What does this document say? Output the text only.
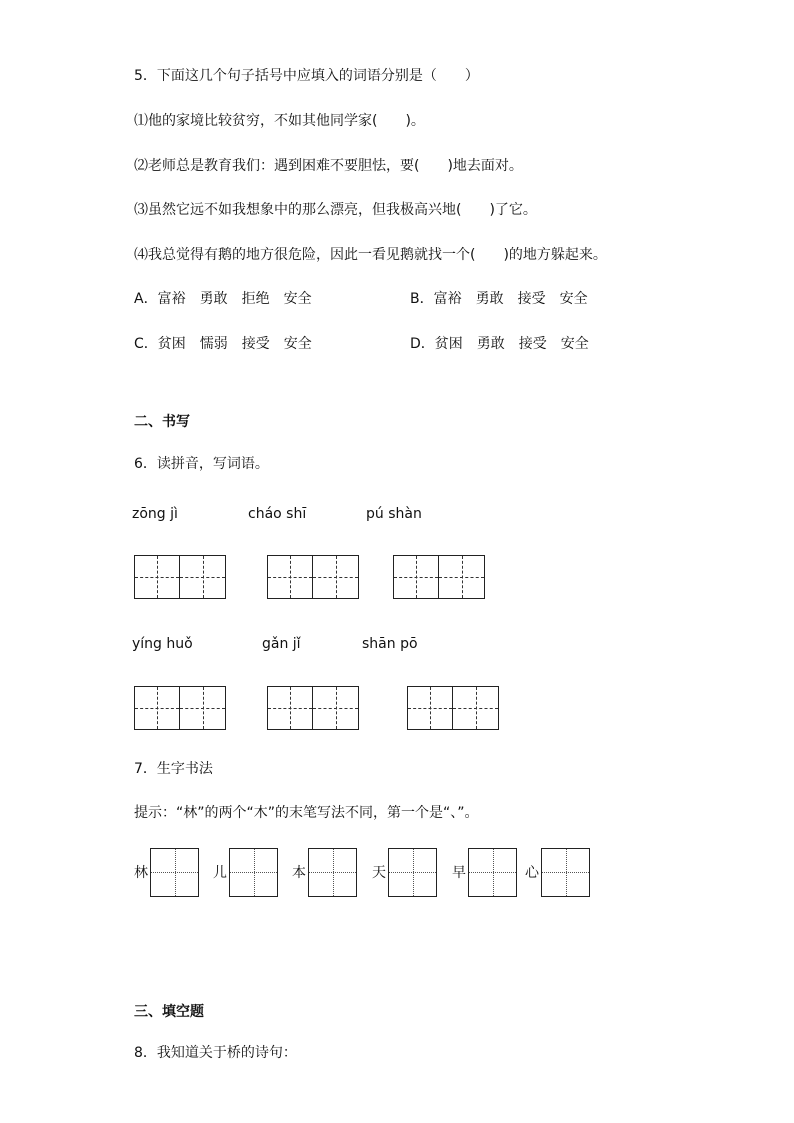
5．下面这几个句子括号中应填入的词语分别是（　　）
⑴他的家境比较贫穷，不如其他同学家(　　)。
⑵老师总是教育我们：遇到困难不要胆怯，要(　　)地去面对。
⑶虽然它远不如我想象中的那么漂亮，但我极高兴地(　　)了它。
⑷我总觉得有鹅的地方很危险，因此一看见鹅就找一个(　　)的地方躲起来。
A．富裕　勇敢　拒绝　安全	B．富裕　勇敢　接受　安全
C．贫困　懦弱　接受　安全	D．贫困　勇敢　接受　安全
二、书写
6．读拼音，写词语。
zōng jì	cháo shī	pú shàn
yíng huǒ	gǎn jǐ	shān pō
7．生字书法
提示：“林”的两个“木”的末笔写法不同，第一个是“、”。
林	儿	本	天	早	心
三、填空题
8．我知道关于桥的诗句：
